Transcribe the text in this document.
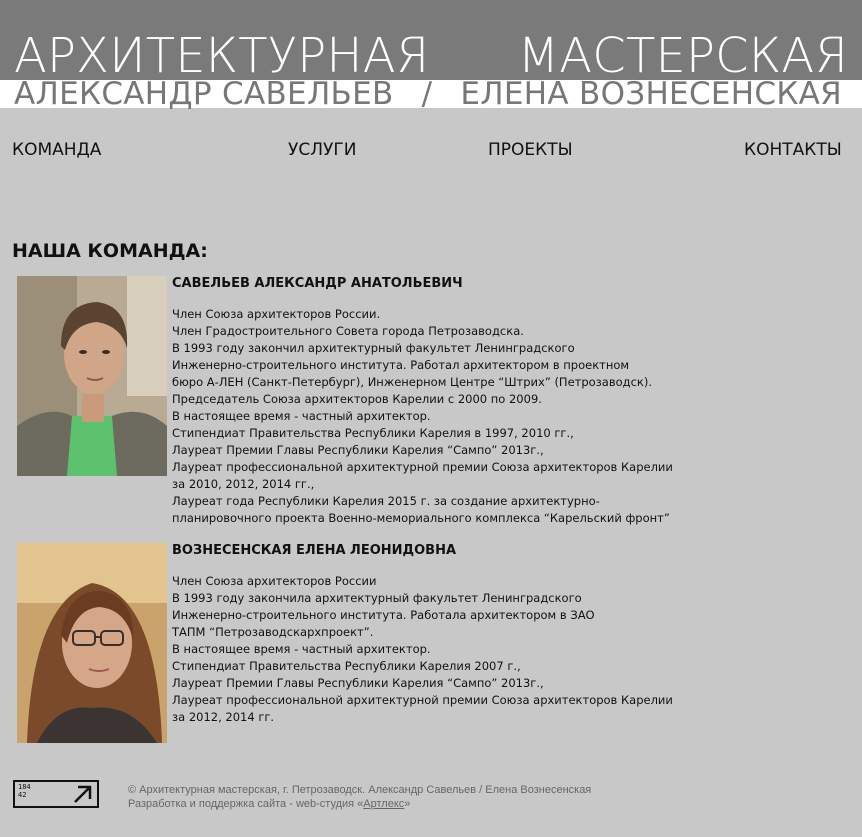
АРХИТЕКТУРНАЯ МАСТЕРСКАЯ
АЛЕКСАНДР САВЕЛЬЕВ / ЕЛЕНА ВОЗНЕСЕНСКАЯ
КОМАНДА	УСЛУГИ	ПРОЕКТЫ	КОНТАКТЫ
НАША КОМАНДА:
САВЕЛЬЕВ АЛЕКСАНДР АНАТОЛЬЕВИЧ
Член Союза архитекторов России.
Член Градостроительного Совета города Петрозаводска.
В 1993 году закончил архитектурный факультет Ленинградского
Инженерно-строительного института. Работал архитектором в проектном
бюро А-ЛЕН (Санкт-Петербург), Инженерном Центре “Штрих” (Петрозаводск).
Председатель Союза архитекторов Карелии с 2000 по 2009.
В настоящее время - частный архитектор.
Стипендиат Правительства Республики Карелия в 1997, 2010 гг.,
Лауреат Премии Главы Республики Карелия “Сампо” 2013г.,
Лауреат профессиональной архитектурной премии Союза архитекторов Карелии
за 2010, 2012, 2014 гг.,
Лауреат года Республики Карелия 2015 г. за создание архитектурно-
планировочного проекта Военно-мемориального комплекса “Карельский фронт”
ВОЗНЕСЕНСКАЯ ЕЛЕНА ЛЕОНИДОВНА
Член Союза архитекторов России
В 1993 году закончила архитектурный факультет Ленинградского
Инженерно-строительного института. Работала архитектором в ЗАО
ТАПМ “Петрозаводскархпроект”.
В настоящее время - частный архитектор.
Стипендиат Правительства Республики Карелия 2007 г.,
Лауреат Премии Главы Республики Карелия “Сампо” 2013г.,
Лауреат профессиональной архитектурной премии Союза архитекторов Карелии
за 2012, 2014 гг.
184
42	© Архитектурная мастерская, г. Петрозаводск. Александр Савельев / Елена Вознесенская
Разработка и поддержка сайта - web-студия «Артлекс»
